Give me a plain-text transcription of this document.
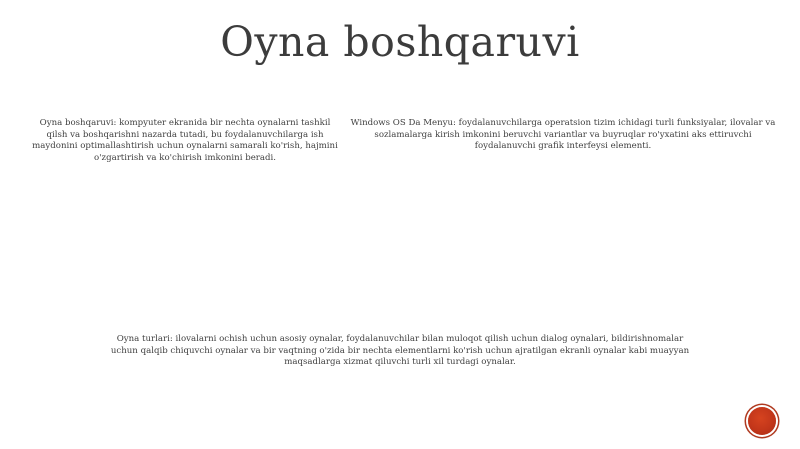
Oyna boshqaruvi

Oyna boshqaruvi: kompyuter ekranida bir nechta oynalarni tashkil qilsh va boshqarishni nazarda tutadi, bu foydalanuvchilarga ish maydonini optimallashtirish uchun oynalarni samarali ko'rish, hajmini o'zgartirish va ko'chirish imkonini beradi.

Windows OS Da Menyu: foydalanuvchilarga operatsion tizim ichidagi turli funksiyalar, ilovalar va sozlamalarga kirish imkonini beruvchi variantlar va buyruqlar ro'yxatini aks ettiruvchi foydalanuvchi grafik interfeysi elementi.

Oyna turlari: ilovalarni ochish uchun asosiy oynalar, foydalanuvchilar bilan muloqot qilish uchun dialog oynalari, bildirishnomalar uchun qalqib chiquvchi oynalar va bir vaqtning o'zida bir nechta elementlarni ko'rish uchun ajratilgan ekranli oynalar kabi muayyan maqsadlarga xizmat qiluvchi turli xil turdagi oynalar.
